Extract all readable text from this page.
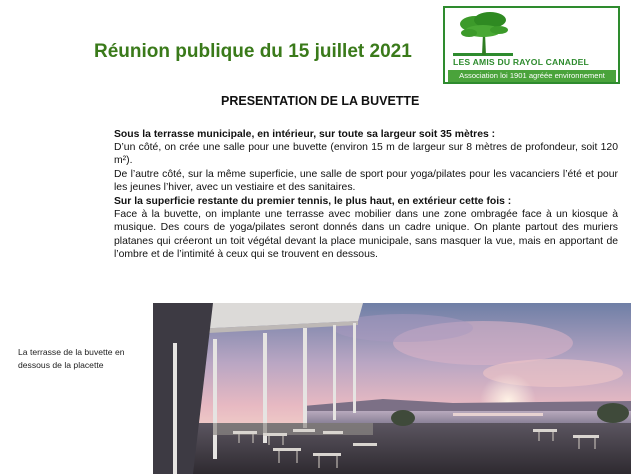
Réunion publique du 15 juillet 2021	LES AMIS DU RAYOL CANADEL
Association loi 1901 agréée environnement
PRESENTATION DE LA BUVETTE
Sous la terrasse municipale, en intérieur, sur toute sa largeur soit 35 mètres :
D’un côté, on crée une salle pour une buvette (environ 15 m de largeur sur 8 mètres de profondeur, soit 120 m²).
De l’autre côté, sur la même superficie, une salle de sport pour yoga/pilates pour les vacanciers l’été et pour les jeunes l’hiver, avec un vestiaire et des sanitaires.
Sur la superficie restante du premier tennis, le plus haut, en extérieur cette fois :
Face à la buvette, on implante une terrasse avec mobilier dans une zone ombragée face à un kiosque à musique. Des cours de yoga/pilates seront donnés dans un cadre unique. On plante partout des muriers platanes qui créeront un toit végétal devant la place municipale, sans masquer la vue, mais en apportant de l’ombre et de l’intimité à ceux qui se trouvent en dessous.
La terrasse de la buvette en dessous de la placette
